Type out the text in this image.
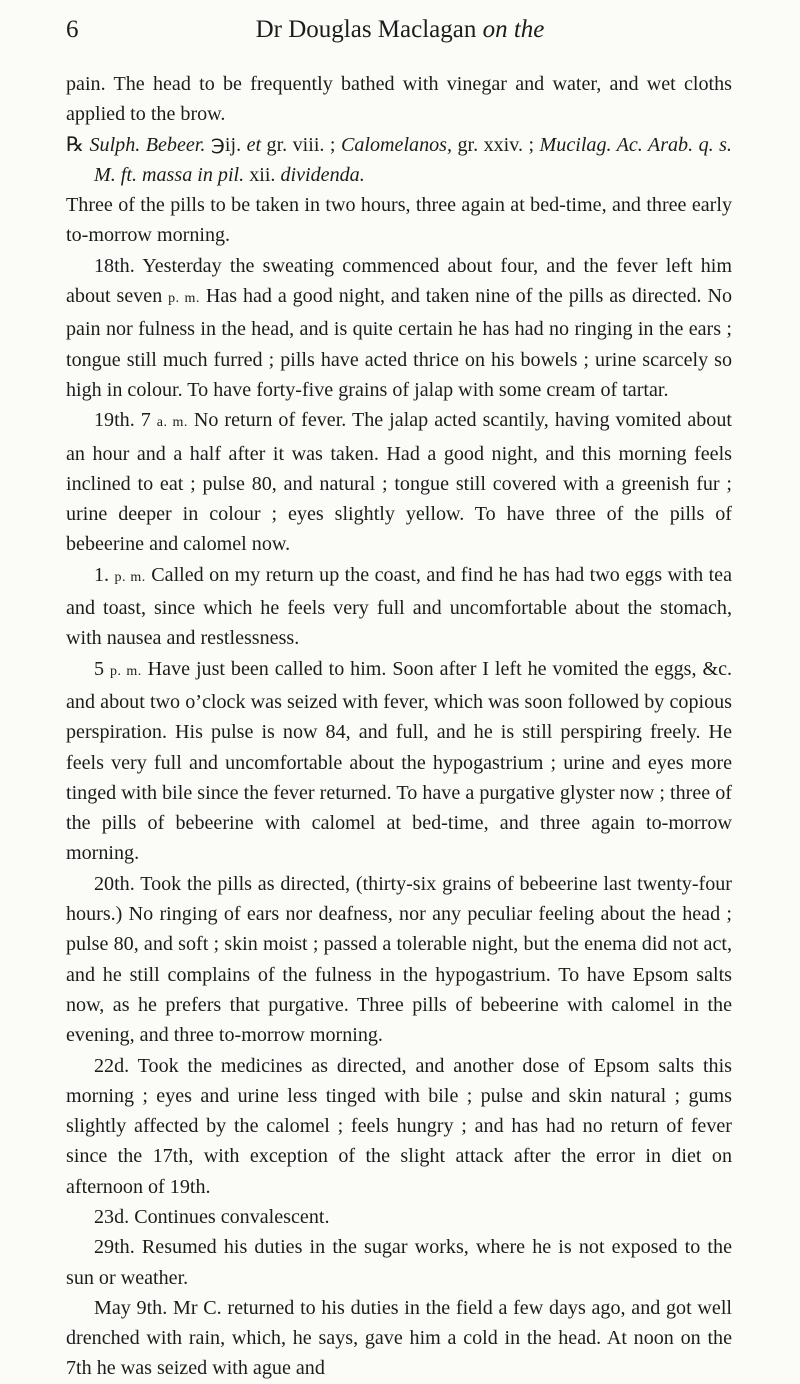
6	Dr Douglas Maclagan on the

pain. The head to be frequently bathed with vinegar and water, and wet cloths applied to the brow.

℞ Sulph. Bebeer. ℈ij. et gr. viii. ; Calomelanos, gr. xxiv. ; Mucilag. Ac. Arab. q. s. M. ft. massa in pil. xii. dividenda.

Three of the pills to be taken in two hours, three again at bed-time, and three early to-morrow morning.

18th. Yesterday the sweating commenced about four, and the fever left him about seven p. m. Has had a good night, and taken nine of the pills as directed. No pain nor fulness in the head, and is quite certain he has had no ringing in the ears ; tongue still much furred ; pills have acted thrice on his bowels ; urine scarcely so high in colour. To have forty-five grains of jalap with some cream of tartar.

19th. 7 a. m. No return of fever. The jalap acted scantily, having vomited about an hour and a half after it was taken. Had a good night, and this morning feels inclined to eat ; pulse 80, and natural ; tongue still covered with a greenish fur ; urine deeper in colour ; eyes slightly yellow. To have three of the pills of bebeerine and calomel now.

1. p. m. Called on my return up the coast, and find he has had two eggs with tea and toast, since which he feels very full and uncomfortable about the stomach, with nausea and restlessness.

5 p. m. Have just been called to him. Soon after I left he vomited the eggs, &c. and about two o’clock was seized with fever, which was soon followed by copious perspiration. His pulse is now 84, and full, and he is still perspiring freely. He feels very full and uncomfortable about the hypogastrium ; urine and eyes more tinged with bile since the fever returned. To have a purgative glyster now ; three of the pills of bebeerine with calomel at bed-time, and three again to-morrow morning.

20th. Took the pills as directed, (thirty-six grains of bebeerine last twenty-four hours.) No ringing of ears nor deafness, nor any peculiar feeling about the head ; pulse 80, and soft ; skin moist ; passed a tolerable night, but the enema did not act, and he still complains of the fulness in the hypogastrium. To have Epsom salts now, as he prefers that purgative. Three pills of bebeerine with calomel in the evening, and three to-morrow morning.

22d. Took the medicines as directed, and another dose of Epsom salts this morning ; eyes and urine less tinged with bile ; pulse and skin natural ; gums slightly affected by the calomel ; feels hungry ; and has had no return of fever since the 17th, with exception of the slight attack after the error in diet on afternoon of 19th.

23d. Continues convalescent.

29th. Resumed his duties in the sugar works, where he is not exposed to the sun or weather.

May 9th. Mr C. returned to his duties in the field a few days ago, and got well drenched with rain, which, he says, gave him a cold in the head. At noon on the 7th he was seized with ague and
